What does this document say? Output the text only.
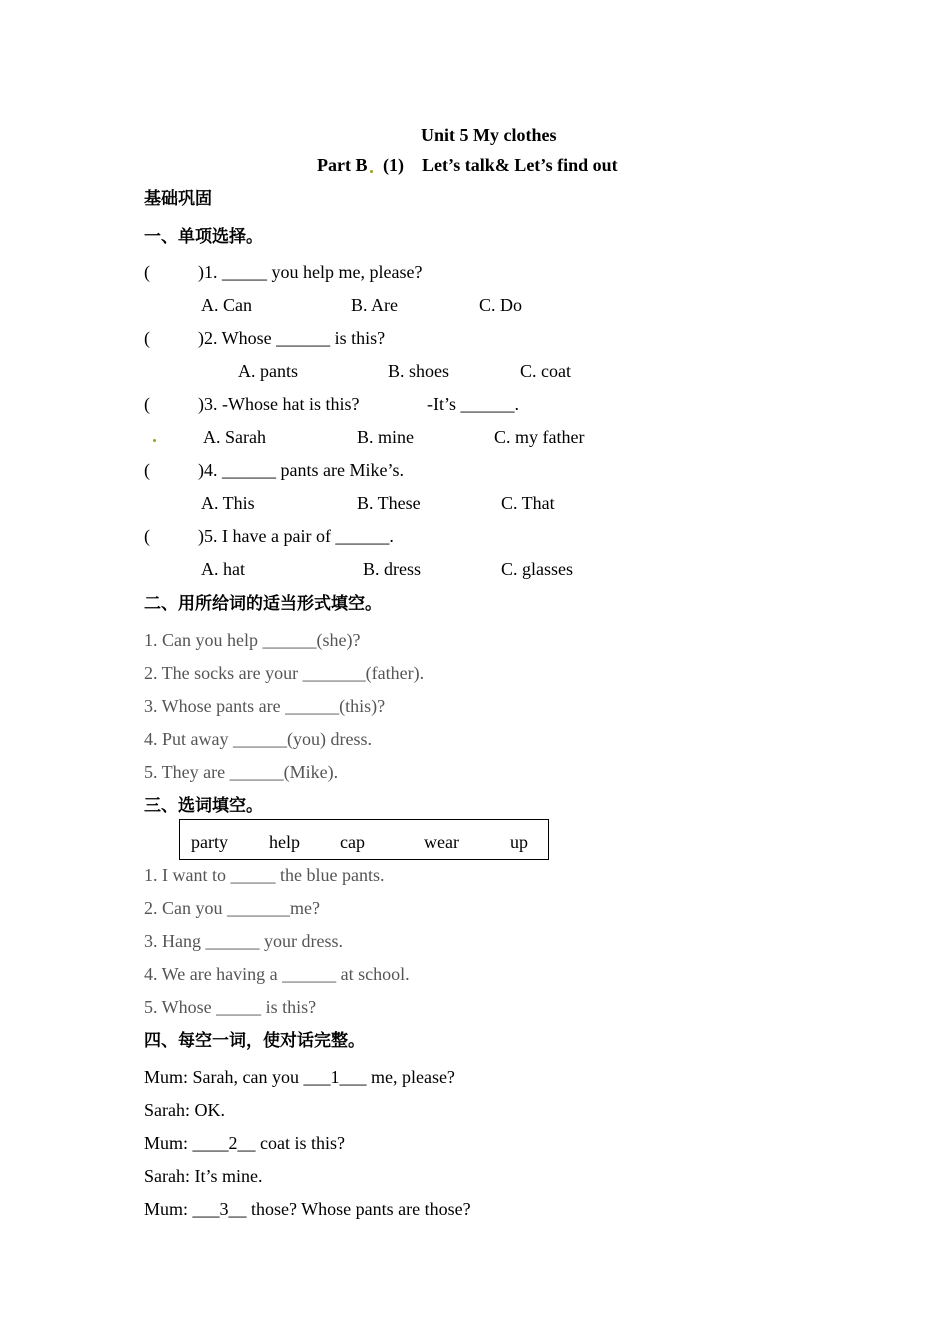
Unit 5 My clothes
Part B (1)    Let’s talk& Let’s find out
基础巩固
一、单项选择。
(	)1. _____ you help me, please?
A. Can	B. Are	C. Do
(	)2. Whose ______ is this?
A. pants	B. shoes	C. coat
(	)3. -Whose hat is this?	-It’s ______.
A. Sarah	B. mine	C. my father
(	)4. ______ pants are Mike’s.
A. This	B. These	C. That
(	)5. I have a pair of ______.
A. hat	B. dress	C. glasses
二、用所给词的适当形式填空。
1. Can you help ______(she)?
2. The socks are your _______(father).
3. Whose pants are ______(this)?
4. Put away ______(you) dress.
5. They are ______(Mike).
三、选词填空。
party help cap	wear	up
1. I want to _____ the blue pants.
2. Can you _______me?
3. Hang ______ your dress.
4. We are having a ______ at school.
5. Whose _____ is this?
四、每空一词，使对话完整。
Mum: Sarah, can you ___1___ me, please?
Sarah: OK.
Mum: ____2__ coat is this?
Sarah: It’s mine.
Mum: ___3__ those? Whose pants are those?
